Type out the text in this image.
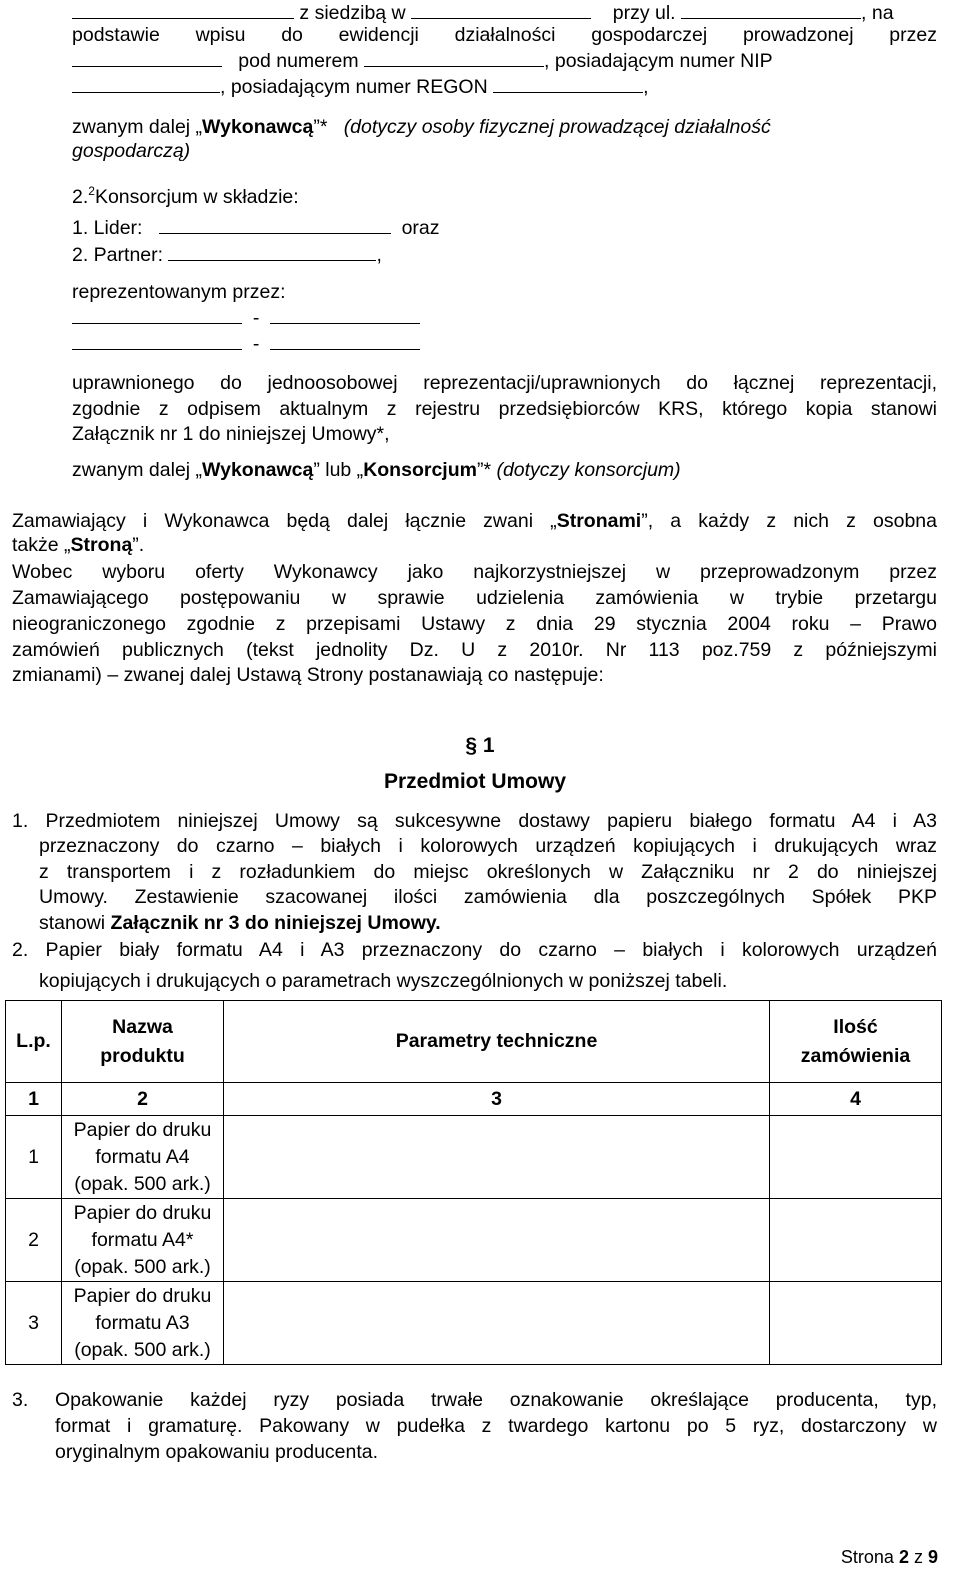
z siedzibą w	przy ul.	, na
podstawie wpisu do ewidencji działalności gospodarczej prowadzonej przez
pod numerem	, posiadającym numer NIP
, posiadającym numer REGON	,
zwanym dalej „Wykonawcą”* (dotyczy osoby fizycznej prowadzącej działalność
gospodarczą)
2.$^2$Konsorcjum w składzie:
1. Lider:	oraz
2. Partner:	,
reprezentowanym przez:
-
-
uprawnionego do jednoosobowej reprezentacji/uprawnionych do łącznej reprezentacji,
zgodnie z odpisem aktualnym z rejestru przedsiębiorców KRS, którego kopia stanowi
Załącznik nr 1 do niniejszej Umowy*,
zwanym dalej „Wykonawcą” lub „Konsorcjum”* (dotyczy konsorcjum)
Zamawiający i Wykonawca będą dalej łącznie zwani „Stronami”, a każdy z nich z osobna
także „Stroną”.
Wobec wyboru oferty Wykonawcy jako najkorzystniejszej w przeprowadzonym przez
Zamawiającego postępowaniu w sprawie udzielenia zamówienia w trybie przetargu
nieograniczonego zgodnie z przepisami Ustawy z dnia 29 stycznia 2004 roku – Prawo
zamówień publicznych (tekst jednolity Dz. U z 2010r. Nr 113 poz.759 z późniejszymi
zmianami) – zwanej dalej Ustawą Strony postanawiają co następuje:
§ 1
Przedmiot Umowy
1. Przedmiotem niniejszej Umowy są sukcesywne dostawy papieru białego formatu A4 i A3
przeznaczony do czarno – białych i kolorowych urządzeń kopiujących i drukujących wraz
z transportem i z rozładunkiem do miejsc określonych w Załączniku nr 2 do niniejszej
Umowy. Zestawienie szacowanej ilości zamówienia dla poszczególnych Spółek PKP
stanowi Załącznik nr 3 do niniejszej Umowy.
2. Papier biały formatu A4 i A3 przeznaczony do czarno – białych i kolorowych urządzeń
kopiujących i drukujących o parametrach wyszczególnionych w poniższej tabeli.
L.p.	Nazwa produktu	Parametry techniczne	Ilość zamówienia
1	2	3	4
1	Papier do druku
formatu A4
(opak. 500 ark.)		

2	Papier do druku
formatu A4*
(opak. 500 ark.)		

3	Papier do druku
formatu A3
(opak. 500 ark.)		

3. Opakowanie każdej ryzy posiada trwałe oznakowanie określające producenta, typ,
format i gramaturę. Pakowany w pudełka z twardego kartonu po 5 ryz, dostarczony w
oryginalnym opakowaniu producenta.
Strona 2 z 9
